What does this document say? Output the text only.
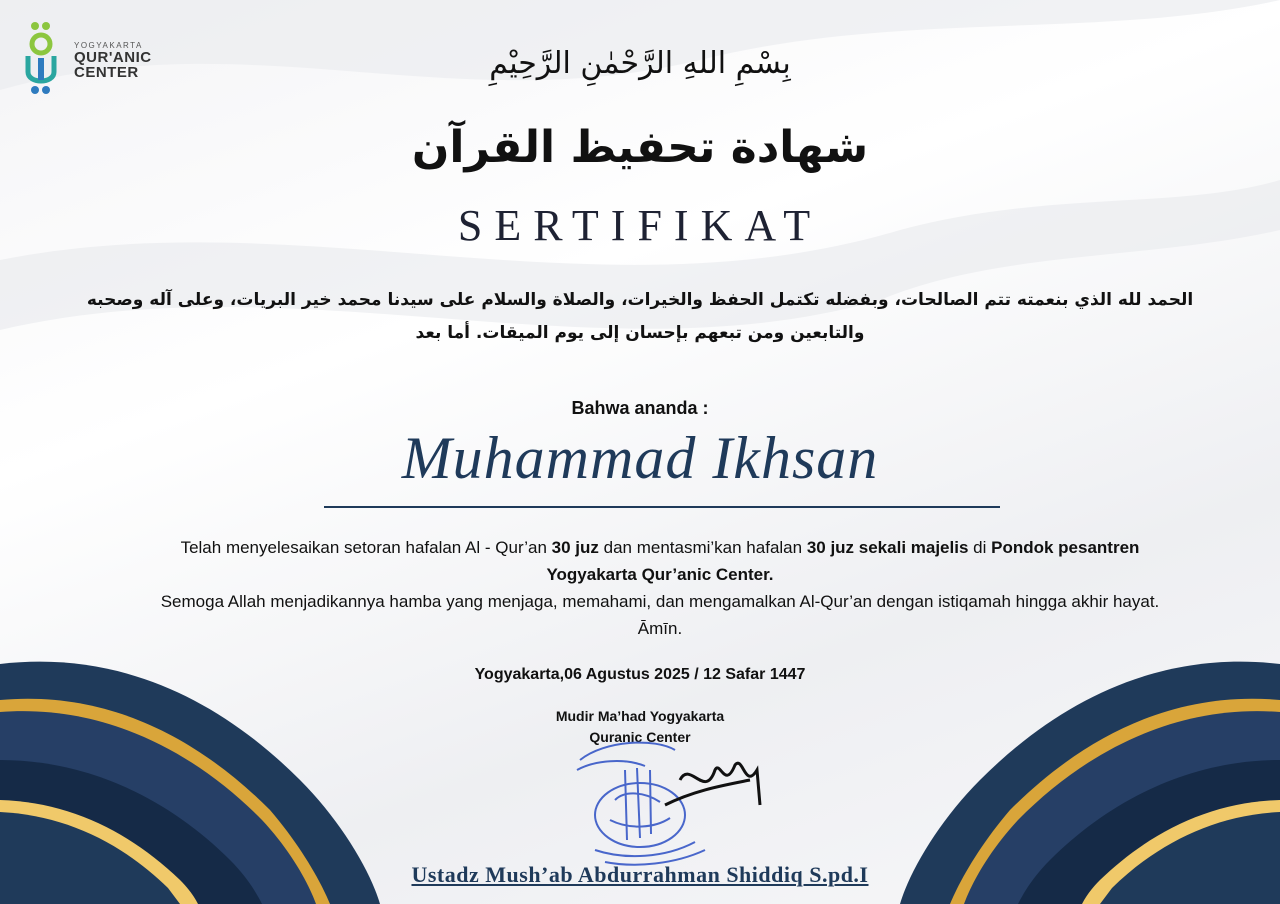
YOGYAKARTA
QUR'ANIC
CENTER	بِسْمِ اللهِ الرَّحْمٰنِ الرَّحِيْمِ
شهادة تحفيظ القرآن
SERTIFIKAT
الحمد لله الذي بنعمته تتم الصالحات، وبفضله تكتمل الحفظ والخيرات، والصلاة والسلام على سيدنا محمد خير البريات، وعلى آله وصحبه
والتابعين ومن تبعهم بإحسان إلى يوم الميقات. أما بعد
Bahwa ananda :
Muhammad Ikhsan
Telah menyelesaikan setoran hafalan Al - Qur’an 30 juz dan mentasmi’kan hafalan 30 juz sekali majelis di Pondok pesantren Yogyakarta Qur’anic Center.
Semoga Allah menjadikannya hamba yang menjaga, memahami, dan mengamalkan Al-Qur’an dengan istiqamah hingga akhir hayat. Āmīn.
Yogyakarta,06 Agustus 2025 / 12 Safar 1447
Mudir Ma’had Yogyakarta
Quranic Center
Ustadz Mush’ab Abdurrahman Shiddiq S.pd.I
